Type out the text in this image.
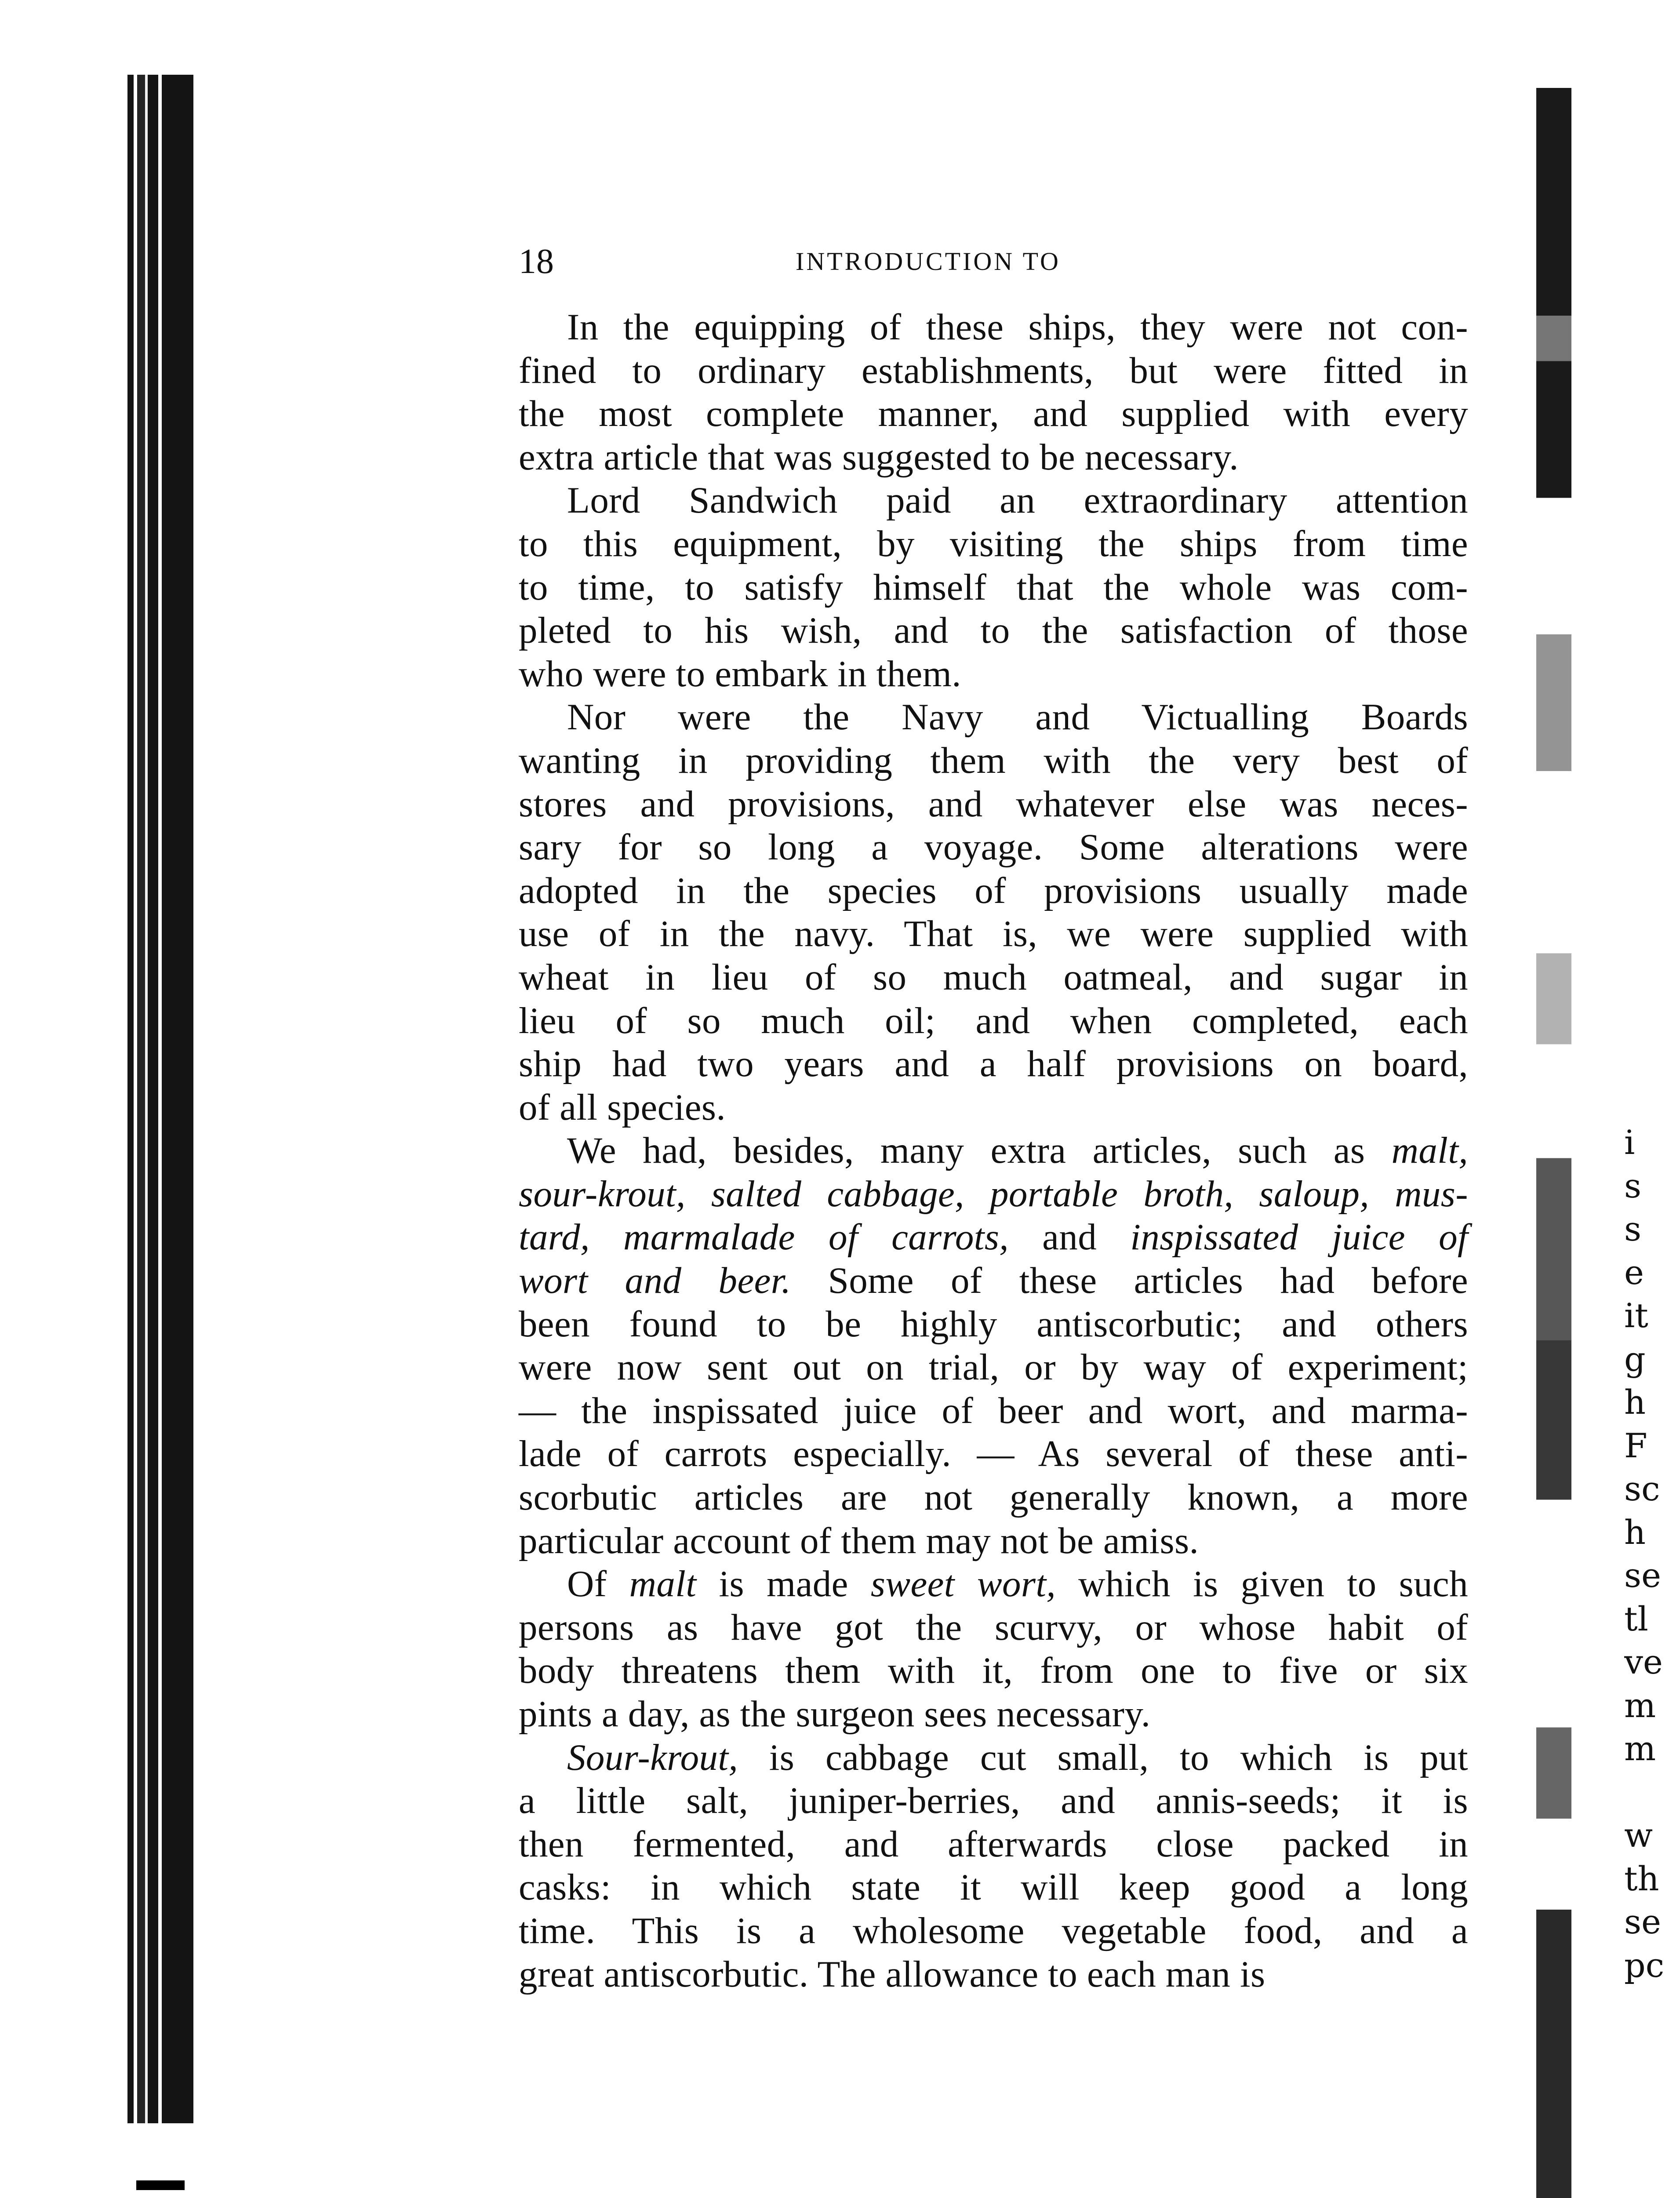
i
s
s
e
it
g
h
F
sc
h
se
tl
ve
m
m
w
th
se
pc
18	INTRODUCTION TO
In the equipping of these ships, they were not con-
fined to ordinary establishments, but were fitted in
the most complete manner, and supplied with every
extra article that was suggested to be necessary.
Lord Sandwich paid an extraordinary attention
to this equipment, by visiting the ships from time
to time, to satisfy himself that the whole was com-
pleted to his wish, and to the satisfaction of those
who were to embark in them.
Nor were the Navy and Victualling Boards
wanting in providing them with the very best of
stores and provisions, and whatever else was neces-
sary for so long a voyage. Some alterations were
adopted in the species of provisions usually made
use of in the navy. That is, we were supplied with
wheat in lieu of so much oatmeal, and sugar in
lieu of so much oil; and when completed, each
ship had two years and a half provisions on board,
of all species.
We had, besides, many extra articles, such as malt,
sour-krout, salted cabbage, portable broth, saloup, mus-
tard, marmalade of carrots, and inspissated juice of
wort and beer. Some of these articles had before
been found to be highly antiscorbutic; and others
were now sent out on trial, or by way of experiment;
— the inspissated juice of beer and wort, and marma-
lade of carrots especially. — As several of these anti-
scorbutic articles are not generally known, a more
particular account of them may not be amiss.
Of malt is made sweet wort, which is given to such
persons as have got the scurvy, or whose habit of
body threatens them with it, from one to five or six
pints a day, as the surgeon sees necessary.
Sour-krout, is cabbage cut small, to which is put
a little salt, juniper-berries, and annis-seeds; it is
then fermented, and afterwards close packed in
casks: in which state it will keep good a long
time. This is a wholesome vegetable food, and a
great antiscorbutic. The allowance to each man is
